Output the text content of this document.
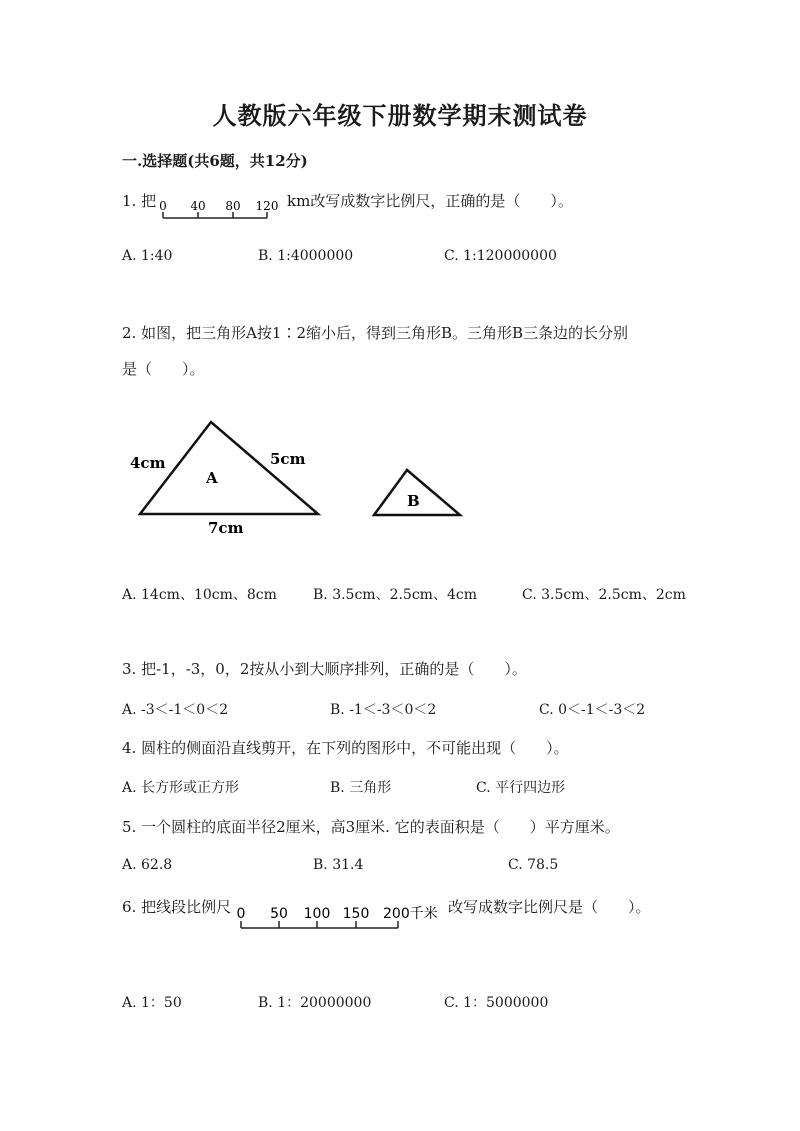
人教版六年级下册数学期末测试卷
一.选择题(共6题，共12分)
1. 把 0 40 80 120 km改写成数字比例尺，正确的是（　　）。
A. 1:40	B. 1:4000000	C. 1:120000000
2. 如图，把三角形A按1∶2缩小后，得到三角形B。三角形B三条边的长分别
是（　　）。
A
4cm	5cm
7cm
B
A. 14cm、10cm、8cm	B. 3.5cm、2.5cm、4cm	C. 3.5cm、2.5cm、2cm
3. 把-1，-3，0，2按从小到大顺序排列，正确的是（　　）。
A. -3＜-1＜0＜2	B. -1＜-3＜0＜2	C. 0＜-1＜-3＜2
4. 圆柱的侧面沿直线剪开，在下列的图形中，不可能出现（　　）。
A. 长方形或正方形	B. 三角形	C. 平行四边形
5. 一个圆柱的底面半径2厘米，高3厘米. 它的表面积是（　　）平方厘米。
A. 62.8	B. 31.4	C. 78.5
6. 把线段比例尺 0 50 100 150 200千米 改写成数字比例尺是（　　）。
A. 1：50	B. 1：20000000	C. 1：5000000
